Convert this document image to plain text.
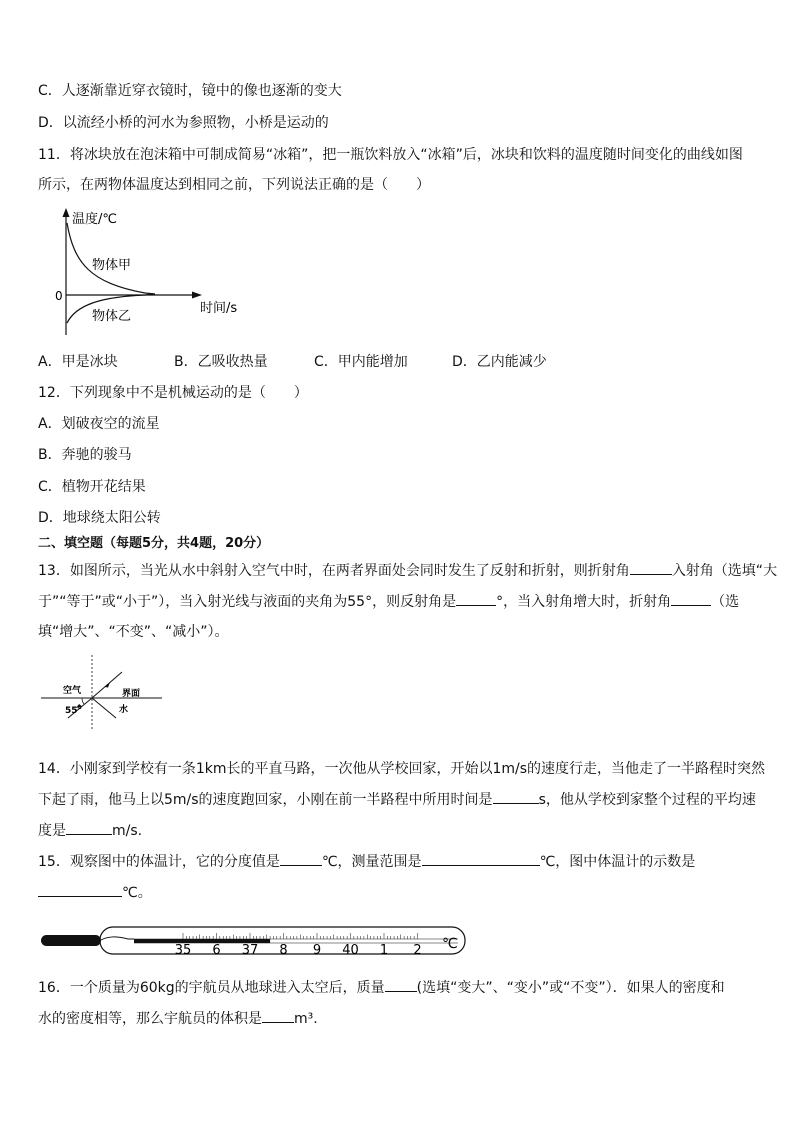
C．人逐渐靠近穿衣镜时，镜中的像也逐渐的变大
D．以流经小桥的河水为参照物，小桥是运动的
11．将冰块放在泡沫箱中可制成简易“冰箱”，把一瓶饮料放入“冰箱”后，冰块和饮料的温度随时间变化的曲线如图
所示，在两物体温度达到相同之前，下列说法正确的是（　　）
温度/℃
时间/s
0
物体甲
物体乙
A．甲是冰块	B．乙吸收热量	C．甲内能增加	D．乙内能减少
12．下列现象中不是机械运动的是（　　）
A．划破夜空的流星
B．奔驰的骏马
C．植物开花结果
D．地球绕太阳公转
二、填空题（每题5分，共4题，20分）
13．如图所示，当光从水中斜射入空气中时，在两者界面处会同时发生了反射和折射，则折射角	入射角（选填“大
于”“等于”或“小于”），当入射光线与液面的夹角为55°，则反射角是	°，当入射角增大时，折射角	（选
填“增大”、“不变”、“减小”）。
空气	界面
水
55°
14．小刚家到学校有一条1km长的平直马路，一次他从学校回家，开始以1m/s的速度行走，当他走了一半路程时突然
下起了雨，他马上以5m/s的速度跑回家，小刚在前一半路程中所用时间是	s，他从学校到家整个过程的平均速
度是	m/s.
15．观察图中的体温计，它的分度值是	℃，测量范围是	℃，图中体温计的示数是
℃。
35 6 37 8 9 40 1 2 ℃
16．一个质量为60kg的宇航员从地球进入太空后，质量 (选填“变大”、“变小”或“不变”）．如果人的密度和
水的密度相等，那么宇航员的体积是 m³.
